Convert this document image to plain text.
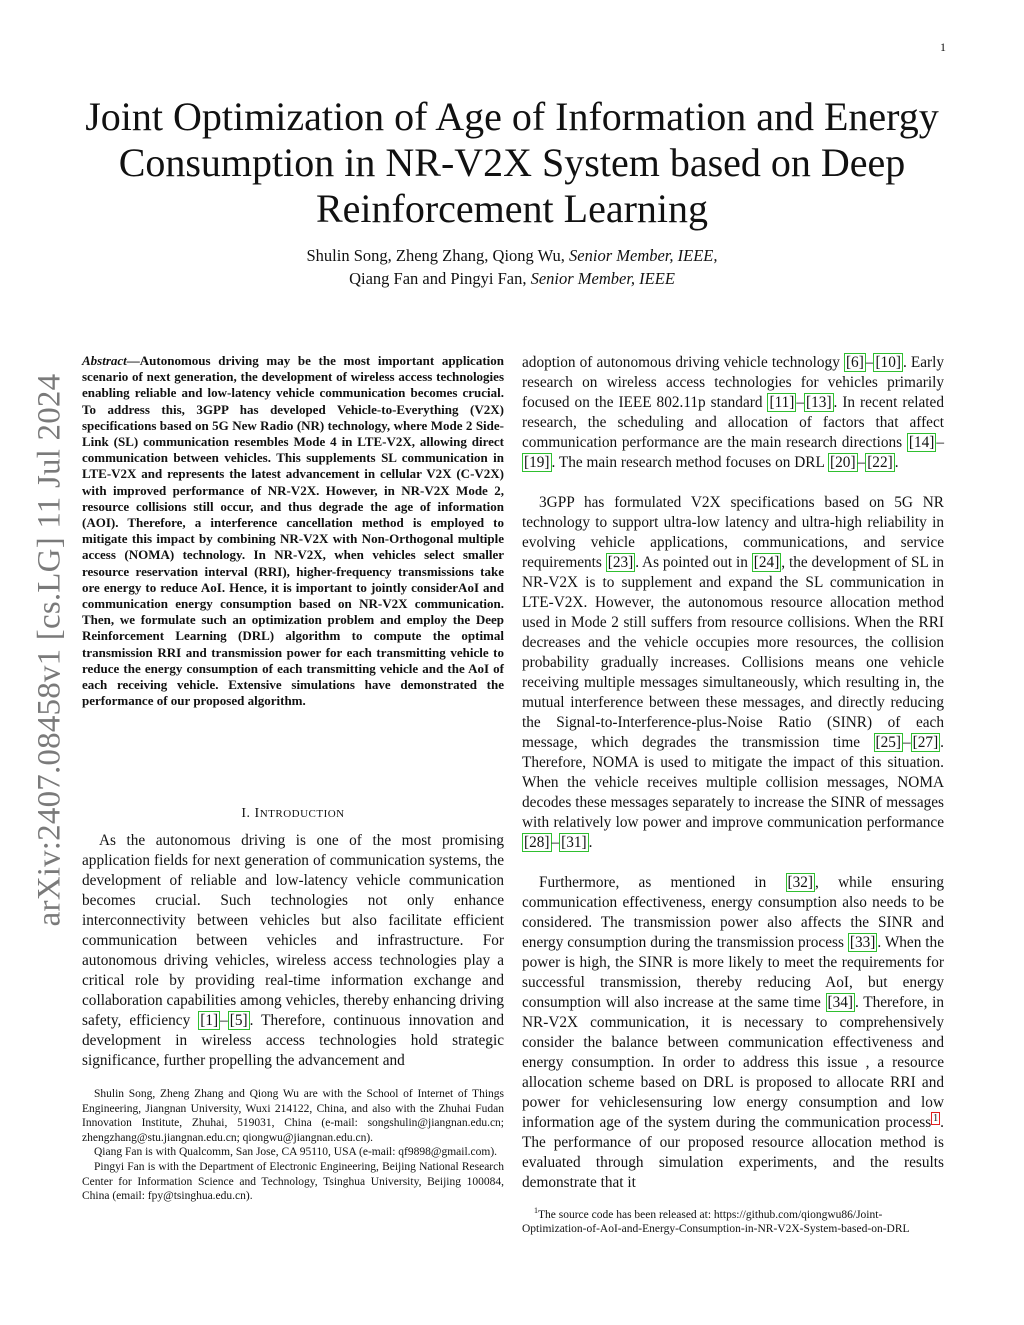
1
arXiv:2407.08458v1 [cs.LG] 11 Jul 2024
Joint Optimization of Age of Information and Energy Consumption in NR-V2X System based on Deep Reinforcement Learning
Shulin Song, Zheng Zhang, Qiong Wu, Senior Member, IEEE,
Qiang Fan and Pingyi Fan, Senior Member, IEEE

Abstract—Autonomous driving may be the most important application scenario of next generation, the development of wireless access technologies enabling reliable and low-latency vehicle communication becomes crucial. To address this, 3GPP has developed Vehicle-to-Everything (V2X) specifications based on 5G New Radio (NR) technology, where Mode 2 Side-Link (SL) communication resembles Mode 4 in LTE-V2X, allowing direct communication between vehicles. This supplements SL communication in LTE-V2X and represents the latest advancement in cellular V2X (C-V2X) with improved performance of NR-V2X. However, in NR-V2X Mode 2, resource collisions still occur, and thus degrade the age of information (AOI). Therefore, a interference cancellation method is employed to mitigate this impact by combining NR-V2X with Non-Orthogonal multiple access (NOMA) technology. In NR-V2X, when vehicles select smaller resource reservation interval (RRI), higher-frequency transmissions take ore energy to reduce AoI. Hence, it is important to jointly considerAoI and communication energy consumption based on NR-V2X communication. Then, we formulate such an optimization problem and employ the Deep Reinforcement Learning (DRL) algorithm to compute the optimal transmission RRI and transmission power for each transmitting vehicle to reduce the energy consumption of each transmitting vehicle and the AoI of each receiving vehicle. Extensive simulations have demonstrated the performance of our proposed algorithm.

I. INTRODUCTION

As the autonomous driving is one of the most promising application fields for next generation of communication systems, the development of reliable and low-latency vehicle communication becomes crucial. Such technologies not only enhance interconnectivity between vehicles but also facilitate efficient communication between vehicles and infrastructure. For autonomous driving vehicles, wireless access technologies play a critical role by providing real-time information exchange and collaboration capabilities among vehicles, thereby enhancing driving safety, efficiency [1] – [5] . Therefore, continuous innovation and development in wireless access technologies hold strategic significance, further propelling the advancement and

Shulin Song, Zheng Zhang and Qiong Wu are with the School of Internet of Things Engineering, Jiangnan University, Wuxi 214122, China, and also with the Zhuhai Fudan Innovation Institute, Zhuhai, 519031, China (e-mail: songshulin@jiangnan.edu.cn; zhengzhang@stu.jiangnan.edu.cn; qiongwu@jiangnan.edu.cn).

Qiang Fan is with Qualcomm, San Jose, CA 95110, USA (e-mail: qf9898@gmail.com).

Pingyi Fan is with the Department of Electronic Engineering, Beijing National Research Center for Information Science and Technology, Tsinghua University, Beijing 100084, China (email: fpy@tsinghua.edu.cn).

adoption of autonomous driving vehicle technology [6] – [10] . Early research on wireless access technologies for vehicles primarily focused on the IEEE 802.11p standard [11] – [13] . In recent related research, the scheduling and allocation of factors that affect communication performance are the main research directions [14] –[19] . The main research method focuses on DRL [20] – [22] .

3GPP has formulated V2X specifications based on 5G NR technology to support ultra-low latency and ultra-high reliability in evolving vehicle applications, communications, and service requirements [23] . As pointed out in [24] , the development of SL in NR-V2X is to supplement and expand the SL communication in LTE-V2X. However, the autonomous resource allocation method used in Mode 2 still suffers from resource collisions. When the RRI decreases and the vehicle occupies more resources, the collision probability gradually increases. Collisions means one vehicle receiving multiple messages simultaneously, which resulting in, the mutual interference between these messages, and directly reducing the Signal-to-Interference-plus-Noise Ratio (SINR) of each message, which degrades the transmission time [25] – [27] . Therefore, NOMA is used to mitigate the impact of this situation. When the vehicle receives multiple collision messages, NOMA decodes these messages separately to increase the SINR of messages with relatively low power and improve communication performance [28] – [31] .

Furthermore, as mentioned in [32] , while ensuring communication effectiveness, energy consumption also needs to be considered. The transmission power also affects the SINR and energy consumption during the transmission process [33] . When the power is high, the SINR is more likely to meet the requirements for successful transmission, thereby reducing AoI, but energy consumption will also increase at the same time [34] . Therefore, in NR-V2X communication, it is necessary to comprehensively consider the balance between communication effectiveness and energy consumption. In order to address this issue , a resource allocation scheme based on DRL is proposed to allocate RRI and power for vehiclesensuring low energy consumption and low information age of the system during the communication process $^1$ . The performance of our proposed resource allocation method is evaluated through simulation experiments, and the results demonstrate that it

$^1$The source code has been released at: https://github.com/qiongwu86/Joint-Optimization-of-AoI-and-Energy-Consumption-in-NR-V2X-System-based-on-DRL
